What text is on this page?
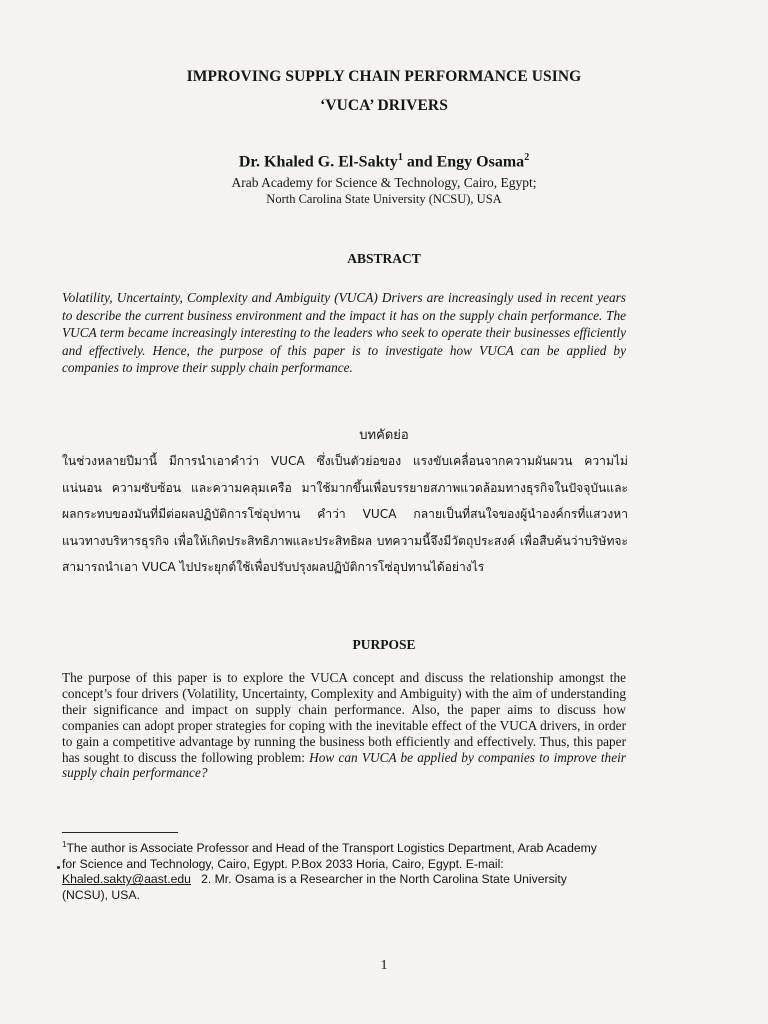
IMPROVING SUPPLY CHAIN PERFORMANCE USING
‘VUCA’ DRIVERS
Dr. Khaled G. El-Sakty$^1$ and Engy Osama$^2$
Arab Academy for Science & Technology, Cairo, Egypt;
North Carolina State University (NCSU), USA
ABSTRACT
Volatility, Uncertainty, Complexity and Ambiguity (VUCA) Drivers are increasingly used in recent years to describe the current business environment and the impact it has on the supply chain performance. The VUCA term became increasingly interesting to the leaders who seek to operate their businesses efficiently and effectively. Hence, the purpose of this paper is to investigate how VUCA can be applied by companies to improve their supply chain performance.
บทคัดย่อ
ในช่วงหลายปีมานี้ มีการนำเอาคำว่า VUCA ซึ่งเป็นตัวย่อของ แรงขับเคลื่อนจากความผันผวน ความไม่แน่นอน ความซับซ้อน และความคลุมเครือ มาใช้มากขึ้นเพื่อบรรยายสภาพแวดล้อมทางธุรกิจในปัจจุบันและผลกระทบของมันที่มีต่อผลปฏิบัติการโซ่อุปทาน คำว่า VUCA กลายเป็นที่สนใจของผู้นำองค์กรที่แสวงหาแนวทางบริหารธุรกิจ เพื่อให้เกิดประสิทธิภาพและประสิทธิผล บทความนี้จึงมีวัตถุประสงค์ เพื่อสืบค้นว่าบริษัทจะสามารถนำเอา VUCA ไปประยุกต์ใช้เพื่อปรับปรุงผลปฏิบัติการโซ่อุปทานได้อย่างไร
PURPOSE
The purpose of this paper is to explore the VUCA concept and discuss the relationship amongst the concept’s four drivers (Volatility, Uncertainty, Complexity and Ambiguity) with the aim of understanding their significance and impact on supply chain performance. Also, the paper aims to discuss how companies can adopt proper strategies for coping with the inevitable effect of the VUCA drivers, in order to gain a competitive advantage by running the business both efficiently and effectively. Thus, this paper has sought to discuss the following problem: How can VUCA be applied by companies to improve their supply chain performance?
$^1$The author is Associate Professor and Head of the Transport Logistics Department, Arab Academy for Science and Technology, Cairo, Egypt. P.Box 2033 Horia, Cairo, Egypt. E-mail: Khaled.sakty@aast.edu   2. Mr. Osama is a Researcher in the North Carolina State University (NCSU), USA.
1
